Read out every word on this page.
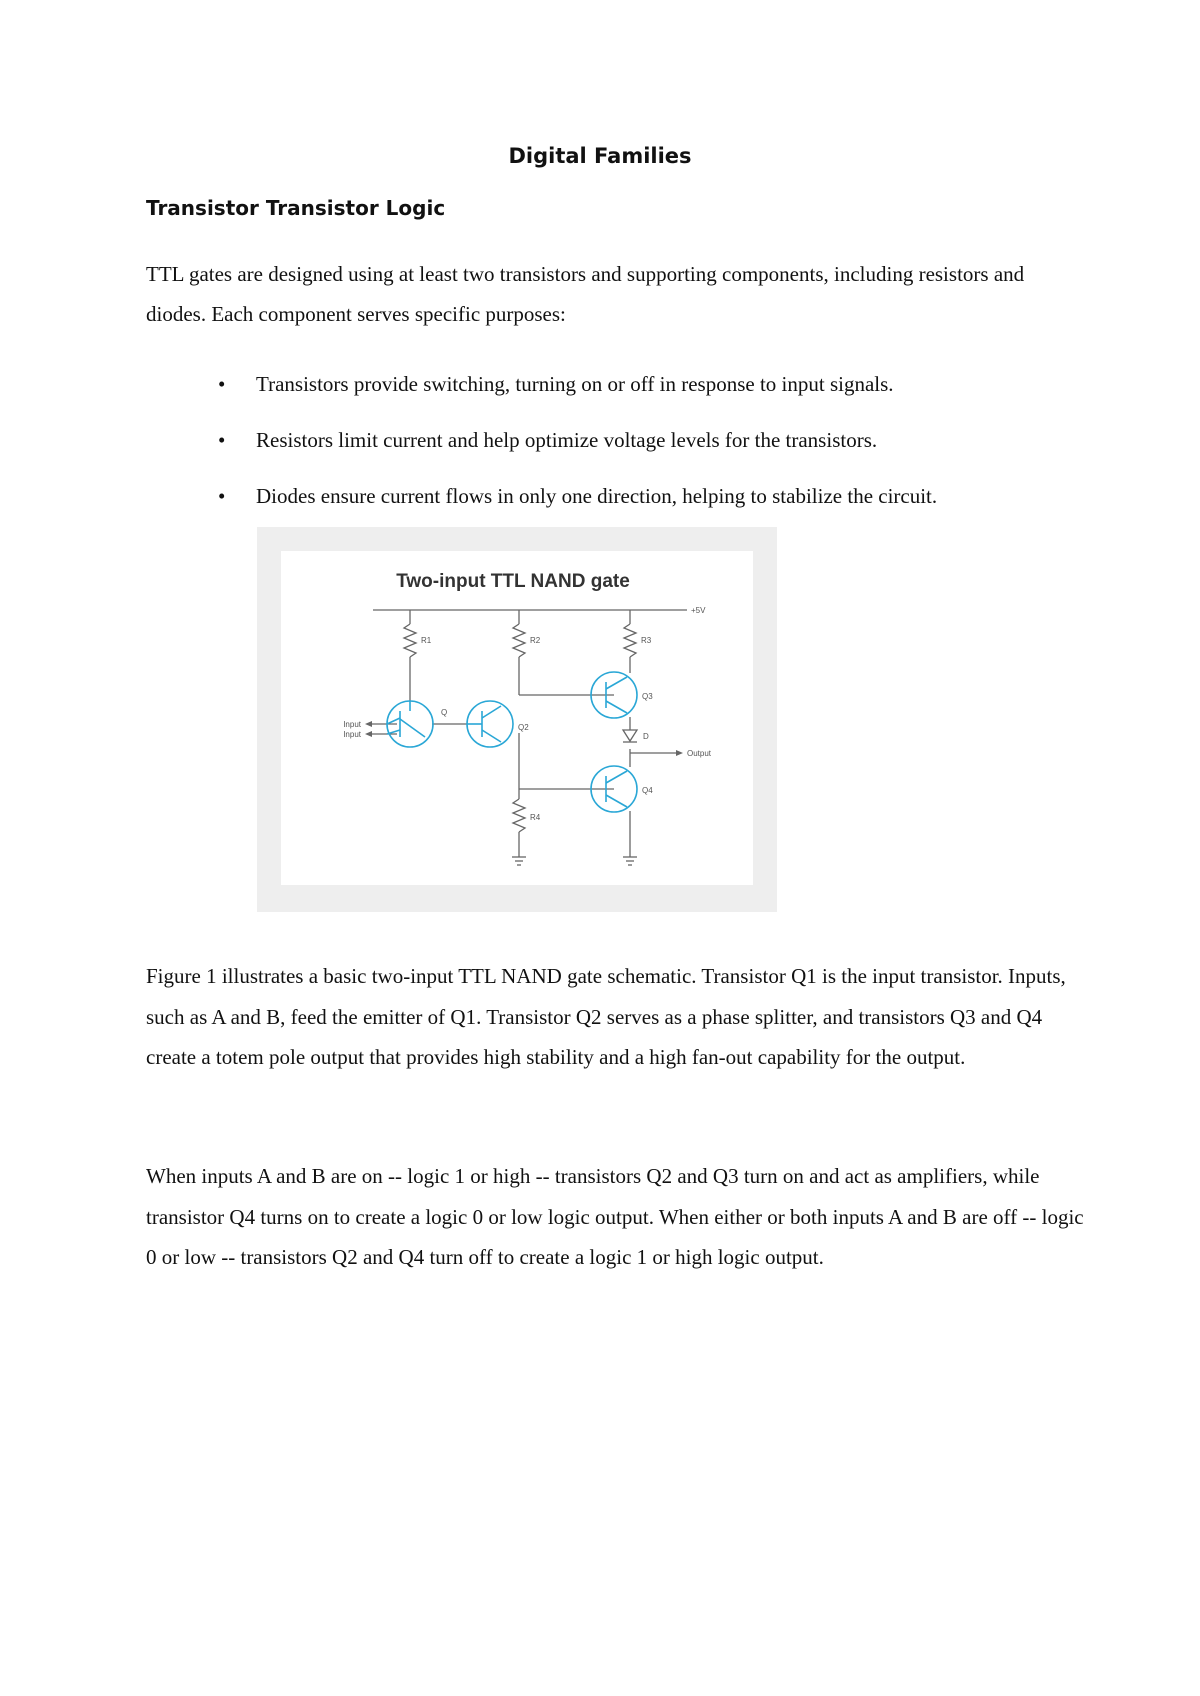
Digital Families
Transistor Transistor Logic
TTL gates are designed using at least two transistors and supporting components, including resistors and diodes. Each component serves specific purposes:
• Transistors provide switching, turning on or off in response to input signals.
• Resistors limit current and help optimize voltage levels for the transistors.
• Diodes ensure current flows in only one direction, helping to stabilize the circuit.
Two-input TTL NAND gate
+5V
R1	R2	R3
R4
Q
Q2
Q3
Q4
D
Input
Input
Output
Figure 1 illustrates a basic two-input TTL NAND gate schematic. Transistor Q1 is the input transistor. Inputs, such as A and B, feed the emitter of Q1. Transistor Q2 serves as a phase splitter, and transistors Q3 and Q4 create a totem pole output that provides high stability and a high fan-out capability for the output.
When inputs A and B are on -- logic 1 or high -- transistors Q2 and Q3 turn on and act as amplifiers, while transistor Q4 turns on to create a logic 0 or low logic output. When either or both inputs A and B are off -- logic 0 or low -- transistors Q2 and Q4 turn off to create a logic 1 or high logic output.
